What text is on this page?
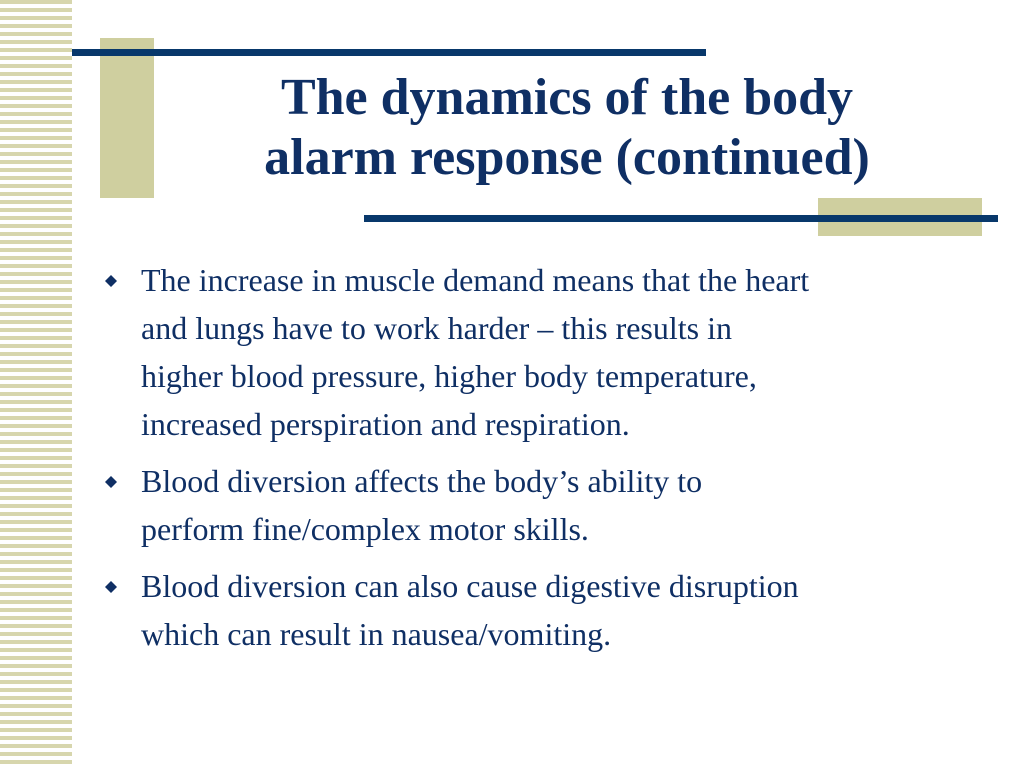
The dynamics of the body
alarm response (continued)
The increase in muscle demand means that the heart
and lungs have to work harder – this results in
higher blood pressure, higher body temperature,
increased perspiration and respiration.
Blood diversion affects the body’s ability to
perform fine/complex motor skills.
Blood diversion can also cause digestive disruption
which can result in nausea/vomiting.
